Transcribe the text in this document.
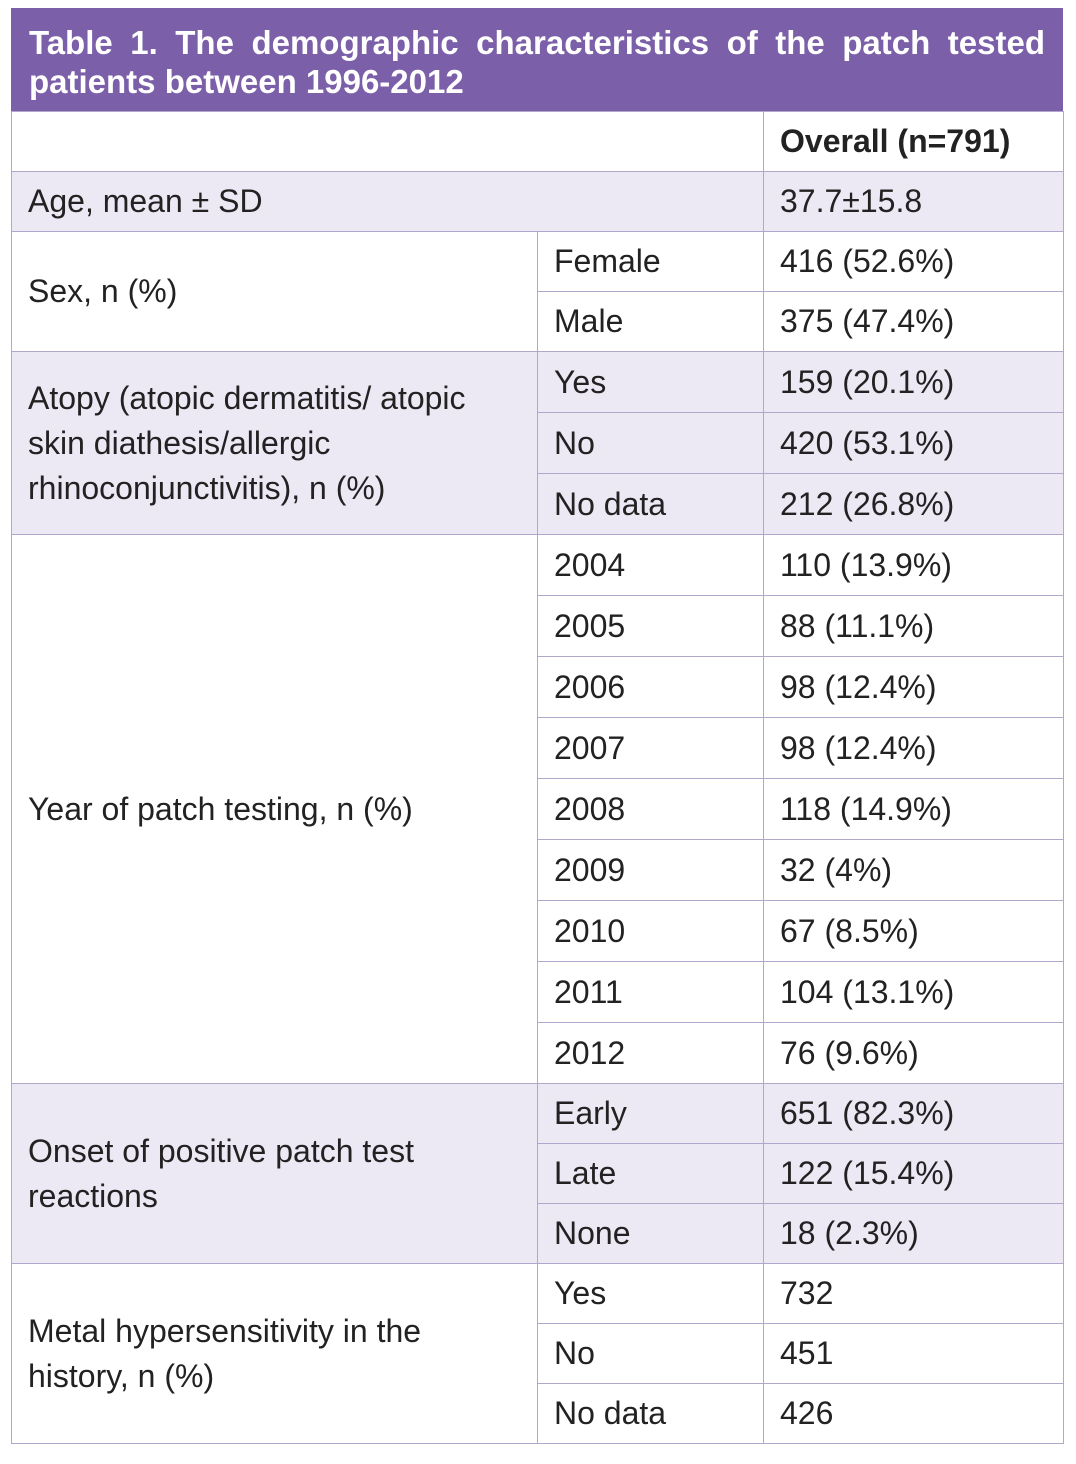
Table 1. The demographic characteristics of the patch tested patients between 1996-2012
		Overall (n=791)
Age, mean ± SD		37.7±15.8
Sex, n (%)	Female	416 (52.6%)
	Male	375 (47.4%)
Atopy (atopic dermatitis/ atopic skin diathesis/allergic rhinoconjunctivitis), n (%)	Yes	159 (20.1%)
	No	420 (53.1%)
	No data	212 (26.8%)
Year of patch testing, n (%)	2004	110 (13.9%)
	2005	88 (11.1%)
	2006	98 (12.4%)
	2007	98 (12.4%)
	2008	118 (14.9%)
	2009	32 (4%)
	2010	67 (8.5%)
	2011	104 (13.1%)
	2012	76 (9.6%)
Onset of positive patch test reactions	Early	651 (82.3%)
	Late	122 (15.4%)
	None	18 (2.3%)
Metal hypersensitivity in the history, n (%)	Yes	732
	No	451
	No data	426
